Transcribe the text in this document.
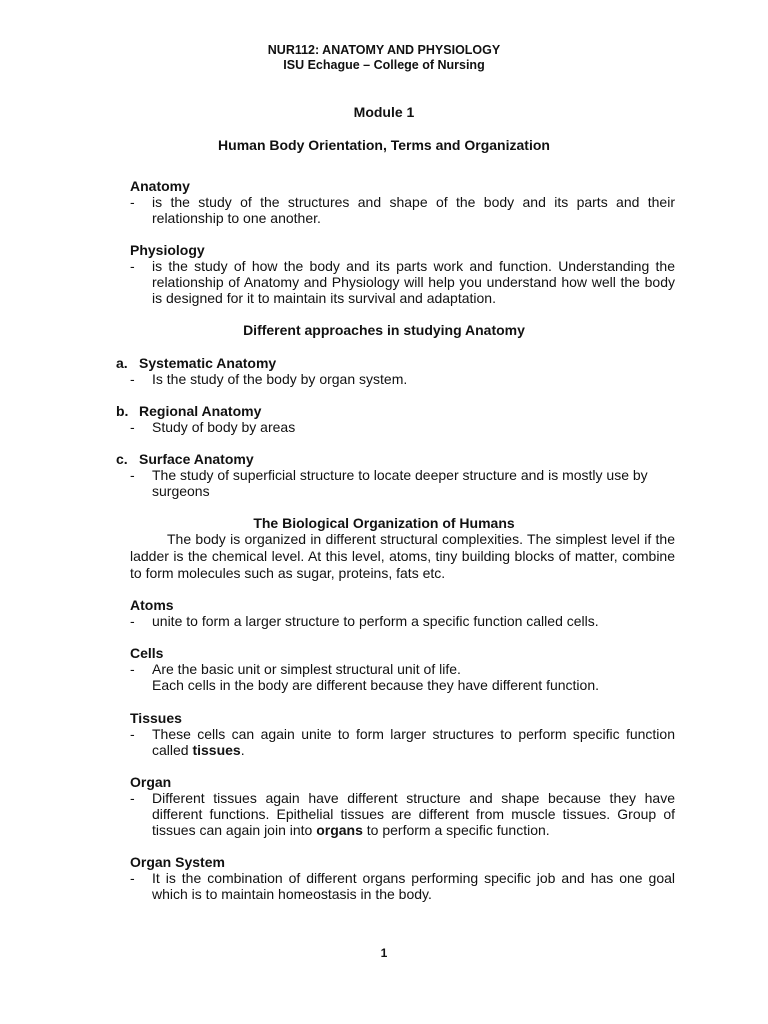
NUR112: ANATOMY AND PHYSIOLOGY
ISU Echague – College of Nursing
Module 1
Human Body Orientation, Terms and Organization
Anatomy
-	is the study of the structures and shape of the body and its parts and their relationship to one another.
Physiology
-	is the study of how the body and its parts work and function. Understanding the relationship of Anatomy and Physiology will help you understand how well the body is designed for it to maintain its survival and adaptation.
Different approaches in studying Anatomy
a. Systematic Anatomy
-	Is the study of the body by organ system.
b. Regional Anatomy
-	Study of body by areas
c. Surface Anatomy
-	The study of superficial structure to locate deeper structure and is mostly use by surgeons
The Biological Organization of Humans
The body is organized in different structural complexities. The simplest level if the ladder is the chemical level. At this level, atoms, tiny building blocks of matter, combine to form molecules such as sugar, proteins, fats etc.
Atoms
-	unite to form a larger structure to perform a specific function called cells.
Cells
-	Are the basic unit or simplest structural unit of life.
Each cells in the body are different because they have different function.
Tissues
-	These cells can again unite to form larger structures to perform specific function called tissues.
Organ
-	Different tissues again have different structure and shape because they have different functions. Epithelial tissues are different from muscle tissues. Group of tissues can again join into organs to perform a specific function.
Organ System
-	It is the combination of different organs performing specific job and has one goal which is to maintain homeostasis in the body.
1
